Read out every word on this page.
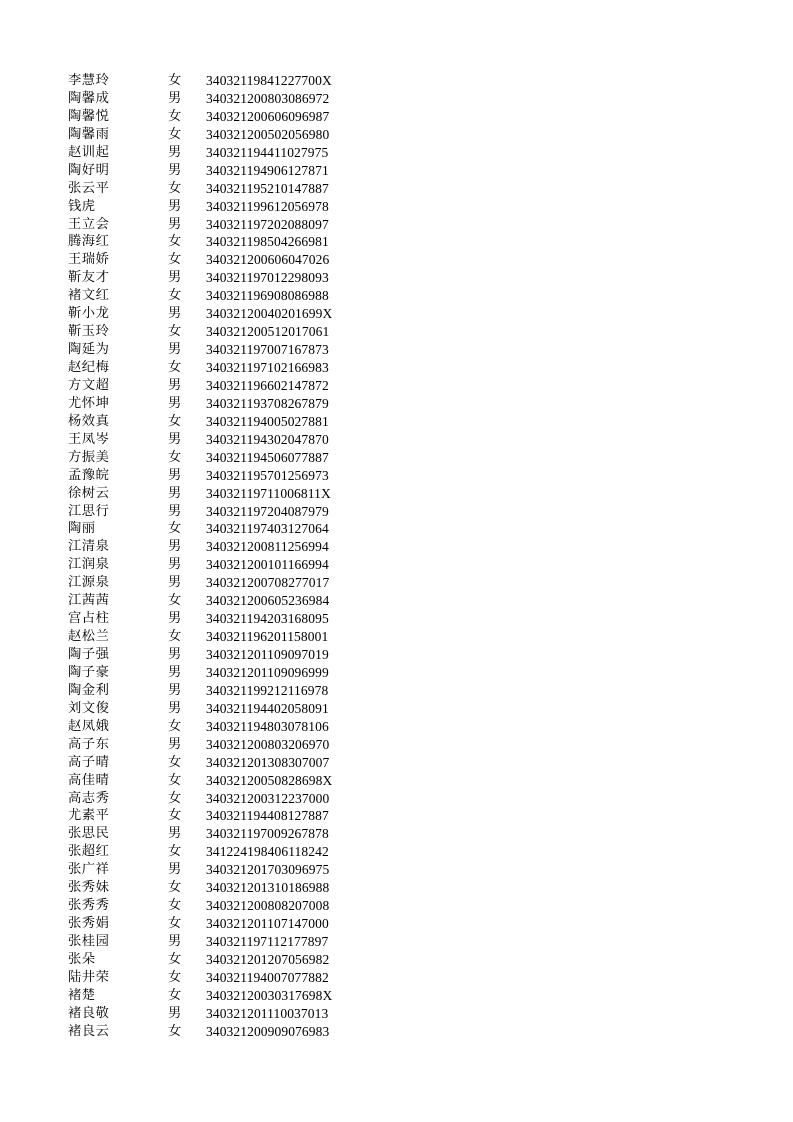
李慧玲	女	34032119841227700X
陶馨成	男	340321200803086972
陶馨悦	女	340321200606096987
陶馨雨	女	340321200502056980
赵训起	男	340321194411027975
陶好明	男	340321194906127871
张云平	女	340321195210147887
钱虎	男	340321199612056978
王立会	男	340321197202088097
腾海红	女	340321198504266981
王瑞娇	女	340321200606047026
靳友才	男	340321197012298093
褚文红	女	340321196908086988
靳小龙	男	34032120040201699X
靳玉玲	女	340321200512017061
陶延为	男	340321197007167873
赵纪梅	女	340321197102166983
方文超	男	340321196602147872
尤怀坤	男	340321193708267879
杨效真	女	340321194005027881
王凤岑	男	340321194302047870
方振美	女	340321194506077887
孟豫皖	男	340321195701256973
徐树云	男	34032119711006811X
江思行	男	340321197204087979
陶丽	女	340321197403127064
江清泉	男	340321200811256994
江润泉	男	340321200101166994
江源泉	男	340321200708277017
江茜茜	女	340321200605236984
宫占柱	男	340321194203168095
赵松兰	女	340321196201158001
陶子强	男	340321201109097019
陶子豪	男	340321201109096999
陶金利	男	340321199212116978
刘文俊	男	340321194402058091
赵凤娥	女	340321194803078106
高子东	男	340321200803206970
高子晴	女	340321201308307007
高佳晴	女	34032120050828698X
高志秀	女	340321200312237000
尤素平	女	340321194408127887
张思民	男	340321197009267878
张超红	女	341224198406118242
张广祥	男	340321201703096975
张秀妹	女	340321201310186988
张秀秀	女	340321200808207008
张秀娟	女	340321201107147000
张桂园	男	340321197112177897
张朵	女	340321201207056982
陆井荣	女	340321194007077882
褚楚	女	34032120030317698X
褚良敬	男	340321201110037013
褚良云	女	340321200909076983
